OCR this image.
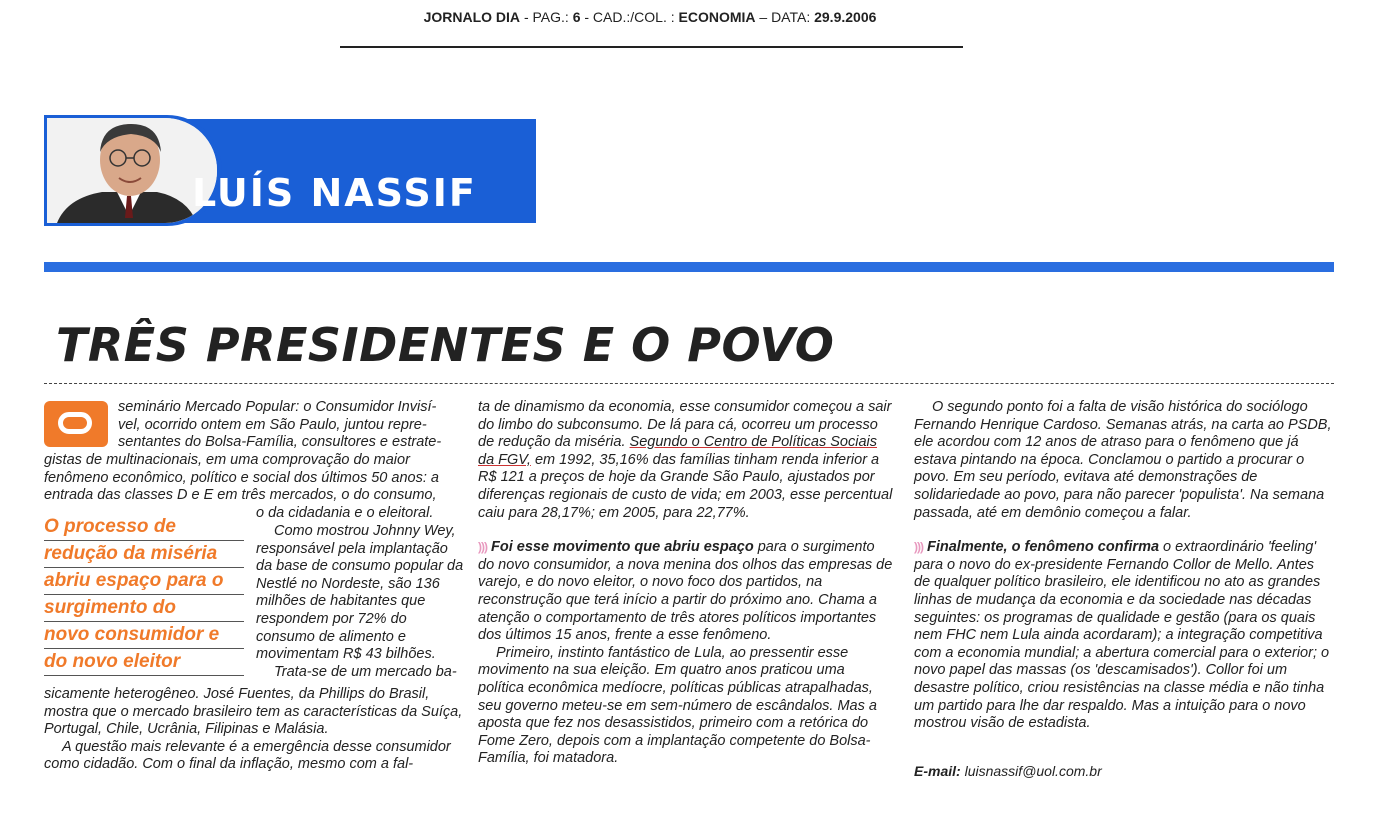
JORNALO DIA - PAG.: 6 - CAD.:/COL. : ECONOMIA – DATA: 29.9.2006
LUÍS NASSIF
TRÊS PRESIDENTES E O POVO

seminário Mercado Popular: o Consumidor Invisí-

vel, ocorrido ontem em São Paulo, juntou repre-

sentantes do Bolsa-Família, consultores e estrate-

gistas de multinacionais, em uma comprovação do maior fenômeno econômico, político e social dos últimos 50 anos: a entrada das classes D e E em três mercados, o do consumo,

o da cidadania e o eleitoral.

O processo de
redução da miséria
abriu espaço para o
surgimento do
novo consumidor e
do novo eleitor

Como mostrou Johnny Wey, responsável pela implantação da base de consumo popular da Nestlé no Nordeste, são 136 milhões de habitantes que respondem por 72% do consumo de alimento e movimentam R$ 43 bilhões.

Trata-se de um mercado ba-

sicamente heterogêneo. José Fuentes, da Phillips do Brasil, mostra que o mercado brasileiro tem as características da Suíça, Portugal, Chile, Ucrânia, Filipinas e Malásia.

A questão mais relevante é a emergência desse consumidor como cidadão. Com o final da inflação, mesmo com a fal-

ta de dinamismo da economia, esse consumidor começou a sair do limbo do subconsumo. De lá para cá, ocorreu um processo de redução da miséria. Segundo o Centro de Políticas Sociais da FGV, em 1992, 35,16% das famílias tinham renda inferior a R$ 121 a preços de hoje da Grande São Paulo, ajustados por diferenças regionais de custo de vida; em 2003, esse percentual caiu para 28,17%; em 2005, para 22,77%.

))) Foi esse movimento que abriu espaço para o surgimento do novo consumidor, a nova menina dos olhos das empresas de varejo, e do novo eleitor, o novo foco dos partidos, na reconstrução que terá início a partir do próximo ano. Chama a atenção o comportamento de três atores políticos importantes dos últimos 15 anos, frente a esse fenômeno.

Primeiro, instinto fantástico de Lula, ao pressentir esse movimento na sua eleição. Em quatro anos praticou uma política econômica medíocre, políticas públicas atrapalhadas, seu governo meteu-se em sem-número de escândalos. Mas a aposta que fez nos desassistidos, primeiro com a retórica do Fome Zero, depois com a implantação competente do Bolsa-Família, foi matadora.

O segundo ponto foi a falta de visão histórica do sociólogo Fernando Henrique Cardoso. Semanas atrás, na carta ao PSDB, ele acordou com 12 anos de atraso para o fenômeno que já estava pintando na época. Conclamou o partido a procurar o povo. Em seu período, evitava até demonstrações de solidariedade ao povo, para não parecer 'populista'. Na semana passada, até em demônio começou a falar.

))) Finalmente, o fenômeno confirma o extraordinário 'feeling' para o novo do ex-presidente Fernando Collor de Mello. Antes de qualquer político brasileiro, ele identificou no ato as grandes linhas de mudança da economia e da sociedade nas décadas seguintes: os programas de qualidade e gestão (para os quais nem FHC nem Lula ainda acordaram); a integração competitiva com a economia mundial; a abertura comercial para o exterior; o novo papel das massas (os 'descamisados'). Collor foi um desastre político, criou resistências na classe média e não tinha um partido para lhe dar respaldo. Mas a intuição para o novo mostrou visão de estadista.

E-mail: luisnassif@uol.com.br
